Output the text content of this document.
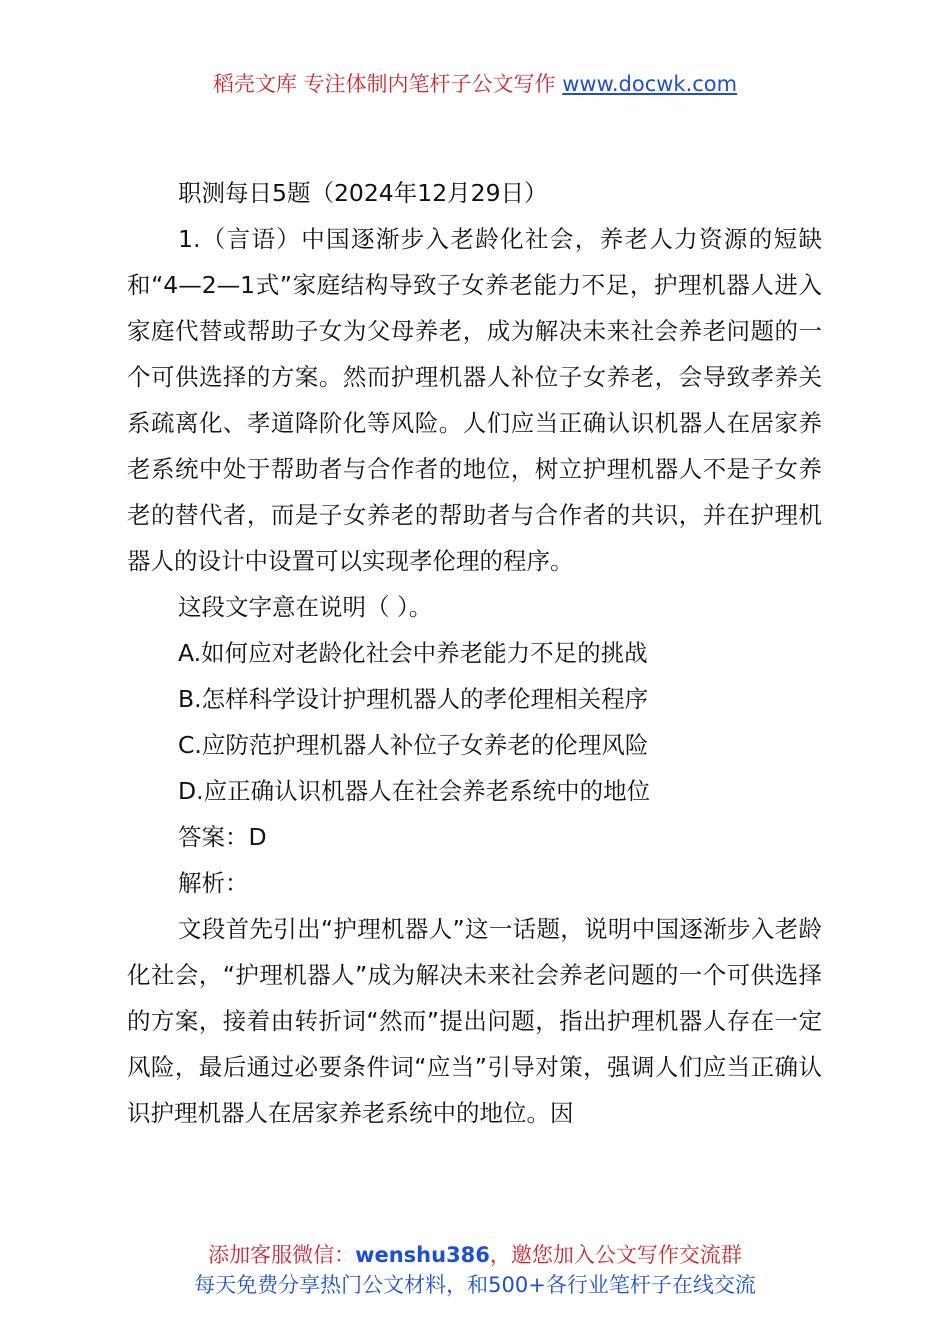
稻壳文库 专注体制内笔杆子公文写作 www.docwk.com

职测每日5题（2024年12月29日）

1.（言语）中国逐渐步入老龄化社会，养老人力资源的短缺和“4—2—1式”家庭结构导致子女养老能力不足，护理机器人进入家庭代替或帮助子女为父母养老，成为解决未来社会养老问题的一个可供选择的方案。然而护理机器人补位子女养老，会导致孝养关系疏离化、孝道降阶化等风险。人们应当正确认识机器人在居家养老系统中处于帮助者与合作者的地位，树立护理机器人不是子女养老的替代者，而是子女养老的帮助者与合作者的共识，并在护理机器人的设计中设置可以实现孝伦理的程序。

这段文字意在说明（ ）。

A.如何应对老龄化社会中养老能力不足的挑战

B.怎样科学设计护理机器人的孝伦理相关程序

C.应防范护理机器人补位子女养老的伦理风险

D.应正确认识机器人在社会养老系统中的地位

答案：D

解析：

文段首先引出“护理机器人”这一话题，说明中国逐渐步入老龄化社会，“护理机器人”成为解决未来社会养老问题的一个可供选择的方案，接着由转折词“然而”提出问题，指出护理机器人存在一定风险，最后通过必要条件词“应当”引导对策，强调人们应当正确认识护理机器人在居家养老系统中的地位。因

添加客服微信：wenshu386，邀您加入公文写作交流群
每天免费分享热门公文材料，和500+各行业笔杆子在线交流
